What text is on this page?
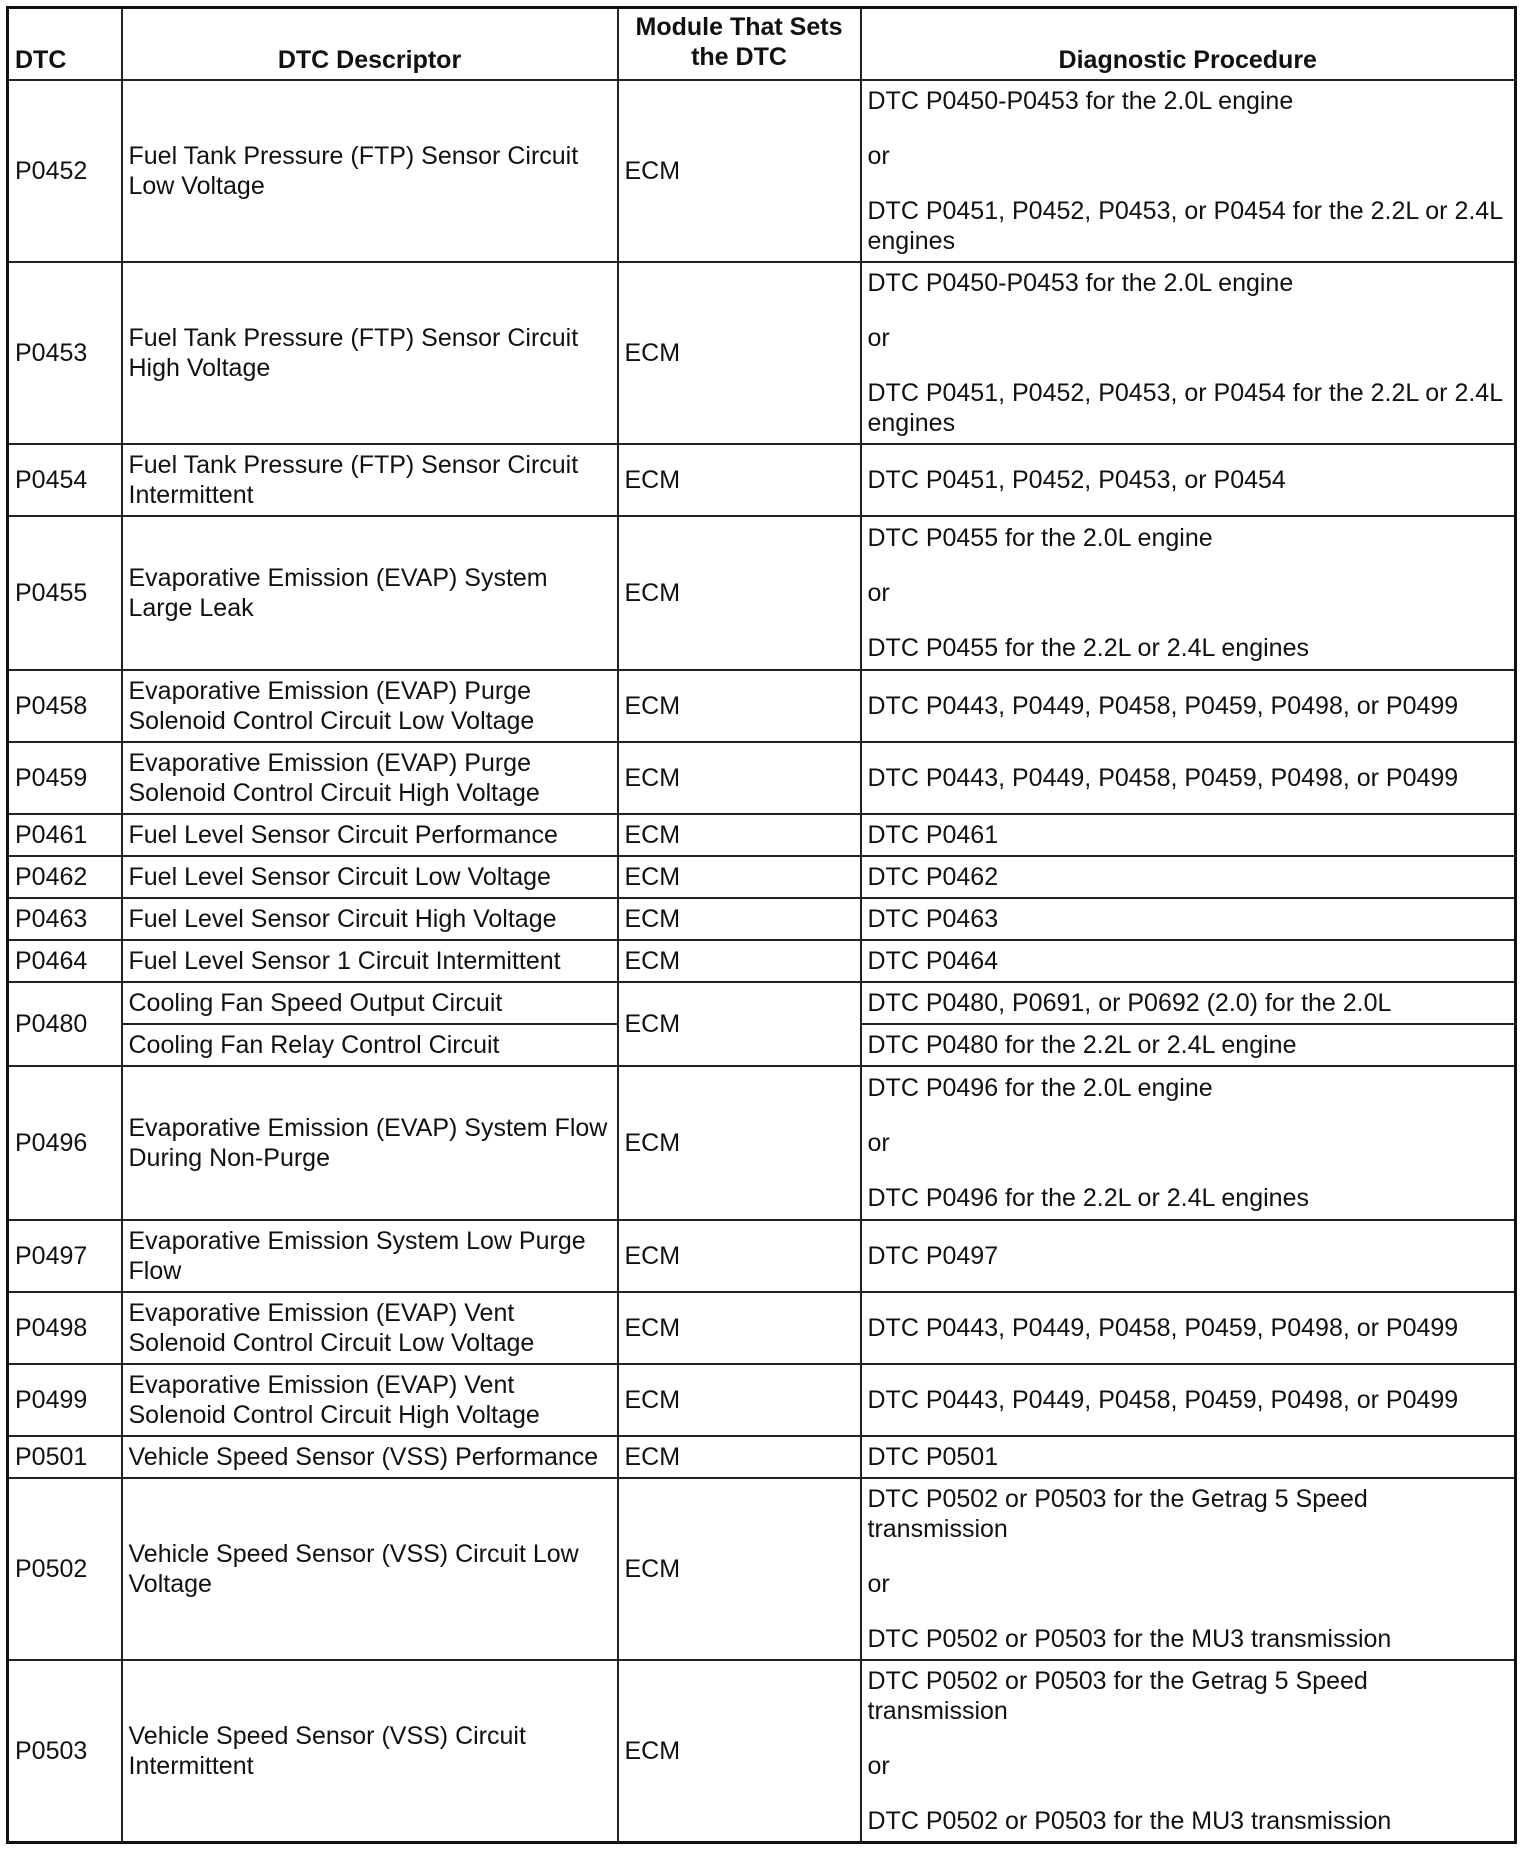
DTC	DTC Descriptor	Module That Sets the DTC	Diagnostic Procedure
P0452	Fuel Tank Pressure (FTP) Sensor Circuit Low Voltage	ECM	DTC P0450-P0453 for the 2.0L engine

or

DTC P0451, P0452, P0453, or P0454 for the 2.2L or 2.4L engines

P0453	Fuel Tank Pressure (FTP) Sensor Circuit High Voltage	ECM	DTC P0450-P0453 for the 2.0L engine

or

DTC P0451, P0452, P0453, or P0454 for the 2.2L or 2.4L engines

P0454	Fuel Tank Pressure (FTP) Sensor Circuit Intermittent	ECM	DTC P0451, P0452, P0453, or P0454

P0455	Evaporative Emission (EVAP) System Large Leak	ECM	DTC P0455 for the 2.0L engine

or

DTC P0455 for the 2.2L or 2.4L engines

P0458	Evaporative Emission (EVAP) Purge Solenoid Control Circuit Low Voltage	ECM	DTC P0443, P0449, P0458, P0459, P0498, or P0499

P0459	Evaporative Emission (EVAP) Purge Solenoid Control Circuit High Voltage	ECM	DTC P0443, P0449, P0458, P0459, P0498, or P0499

P0461	Fuel Level Sensor Circuit Performance	ECM	DTC P0461

P0462	Fuel Level Sensor Circuit Low Voltage	ECM	DTC P0462

P0463	Fuel Level Sensor Circuit High Voltage	ECM	DTC P0463

P0464	Fuel Level Sensor 1 Circuit Intermittent	ECM	DTC P0464

P0480	Cooling Fan Speed Output Circuit	ECM	DTC P0480, P0691, or P0692 (2.0) for the 2.0L
	Cooling Fan Relay Control Circuit		DTC P0480 for the 2.2L or 2.4L engine
P0496	Evaporative Emission (EVAP) System Flow During Non-Purge	ECM	DTC P0496 for the 2.0L engine

or

DTC P0496 for the 2.2L or 2.4L engines

P0497	Evaporative Emission System Low Purge Flow	ECM	DTC P0497

P0498	Evaporative Emission (EVAP) Vent Solenoid Control Circuit Low Voltage	ECM	DTC P0443, P0449, P0458, P0459, P0498, or P0499

P0499	Evaporative Emission (EVAP) Vent Solenoid Control Circuit High Voltage	ECM	DTC P0443, P0449, P0458, P0459, P0498, or P0499

P0501	Vehicle Speed Sensor (VSS) Performance	ECM	DTC P0501

P0502	Vehicle Speed Sensor (VSS) Circuit Low Voltage	ECM	DTC P0502 or P0503 for the Getrag 5 Speed transmission

or

DTC P0502 or P0503 for the MU3 transmission

P0503	Vehicle Speed Sensor (VSS) Circuit Intermittent	ECM	DTC P0502 or P0503 for the Getrag 5 Speed transmission

or

DTC P0502 or P0503 for the MU3 transmission
